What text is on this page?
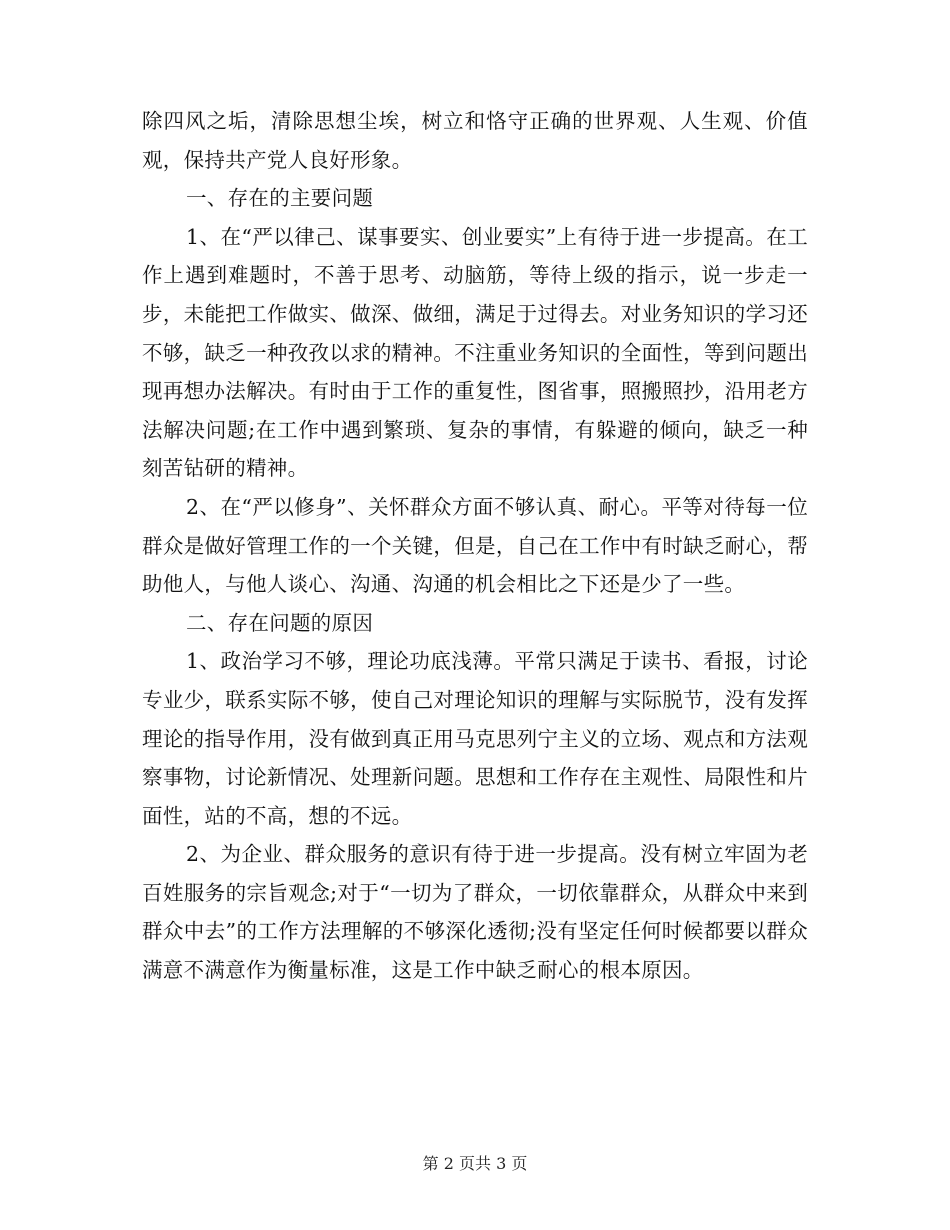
除四风之垢，清除思想尘埃，树立和恪守正确的世界观、人生观、价值观，保持共产党人良好形象。

一、存在的主要问题

1、在“严以律己、谋事要实、创业要实”上有待于进一步提高。在工作上遇到难题时，不善于思考、动脑筋，等待上级的指示，说一步走一步，未能把工作做实、做深、做细，满足于过得去。对业务知识的学习还不够，缺乏一种孜孜以求的精神。不注重业务知识的全面性，等到问题出现再想办法解决。有时由于工作的重复性，图省事，照搬照抄，沿用老方法解决问题;在工作中遇到繁琐、复杂的事情，有躲避的倾向，缺乏一种刻苦钻研的精神。

2、在“严以修身”、关怀群众方面不够认真、耐心。平等对待每一位群众是做好管理工作的一个关键，但是，自己在工作中有时缺乏耐心，帮助他人，与他人谈心、沟通、沟通的机会相比之下还是少了一些。

二、存在问题的原因

1、政治学习不够，理论功底浅薄。平常只满足于读书、看报，讨论专业少，联系实际不够，使自己对理论知识的理解与实际脱节，没有发挥理论的指导作用，没有做到真正用马克思列宁主义的立场、观点和方法观察事物，讨论新情况、处理新问题。思想和工作存在主观性、局限性和片面性，站的不高，想的不远。

2、为企业、群众服务的意识有待于进一步提高。没有树立牢固为老百姓服务的宗旨观念;对于“一切为了群众，一切依靠群众，从群众中来到群众中去”的工作方法理解的不够深化透彻;没有坚定任何时候都要以群众满意不满意作为衡量标准，这是工作中缺乏耐心的根本原因。

第 2 页共 3 页
